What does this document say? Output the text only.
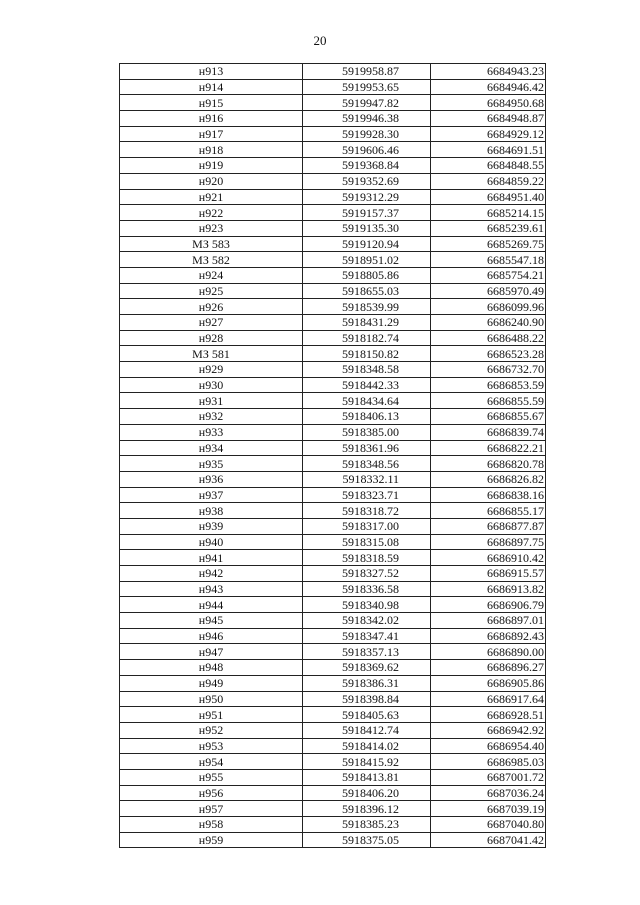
20
н913	5919958.87	6684943.23
н914	5919953.65	6684946.42
н915	5919947.82	6684950.68
н916	5919946.38	6684948.87
н917	5919928.30	6684929.12
н918	5919606.46	6684691.51
н919	5919368.84	6684848.55
н920	5919352.69	6684859.22
н921	5919312.29	6684951.40
н922	5919157.37	6685214.15
н923	5919135.30	6685239.61
МЗ 583	5919120.94	6685269.75
МЗ 582	5918951.02	6685547.18
н924	5918805.86	6685754.21
н925	5918655.03	6685970.49
н926	5918539.99	6686099.96
н927	5918431.29	6686240.90
н928	5918182.74	6686488.22
МЗ 581	5918150.82	6686523.28
н929	5918348.58	6686732.70
н930	5918442.33	6686853.59
н931	5918434.64	6686855.59
н932	5918406.13	6686855.67
н933	5918385.00	6686839.74
н934	5918361.96	6686822.21
н935	5918348.56	6686820.78
н936	5918332.11	6686826.82
н937	5918323.71	6686838.16
н938	5918318.72	6686855.17
н939	5918317.00	6686877.87
н940	5918315.08	6686897.75
н941	5918318.59	6686910.42
н942	5918327.52	6686915.57
н943	5918336.58	6686913.82
н944	5918340.98	6686906.79
н945	5918342.02	6686897.01
н946	5918347.41	6686892.43
н947	5918357.13	6686890.00
н948	5918369.62	6686896.27
н949	5918386.31	6686905.86
н950	5918398.84	6686917.64
н951	5918405.63	6686928.51
н952	5918412.74	6686942.92
н953	5918414.02	6686954.40
н954	5918415.92	6686985.03
н955	5918413.81	6687001.72
н956	5918406.20	6687036.24
н957	5918396.12	6687039.19
н958	5918385.23	6687040.80
н959	5918375.05	6687041.42
